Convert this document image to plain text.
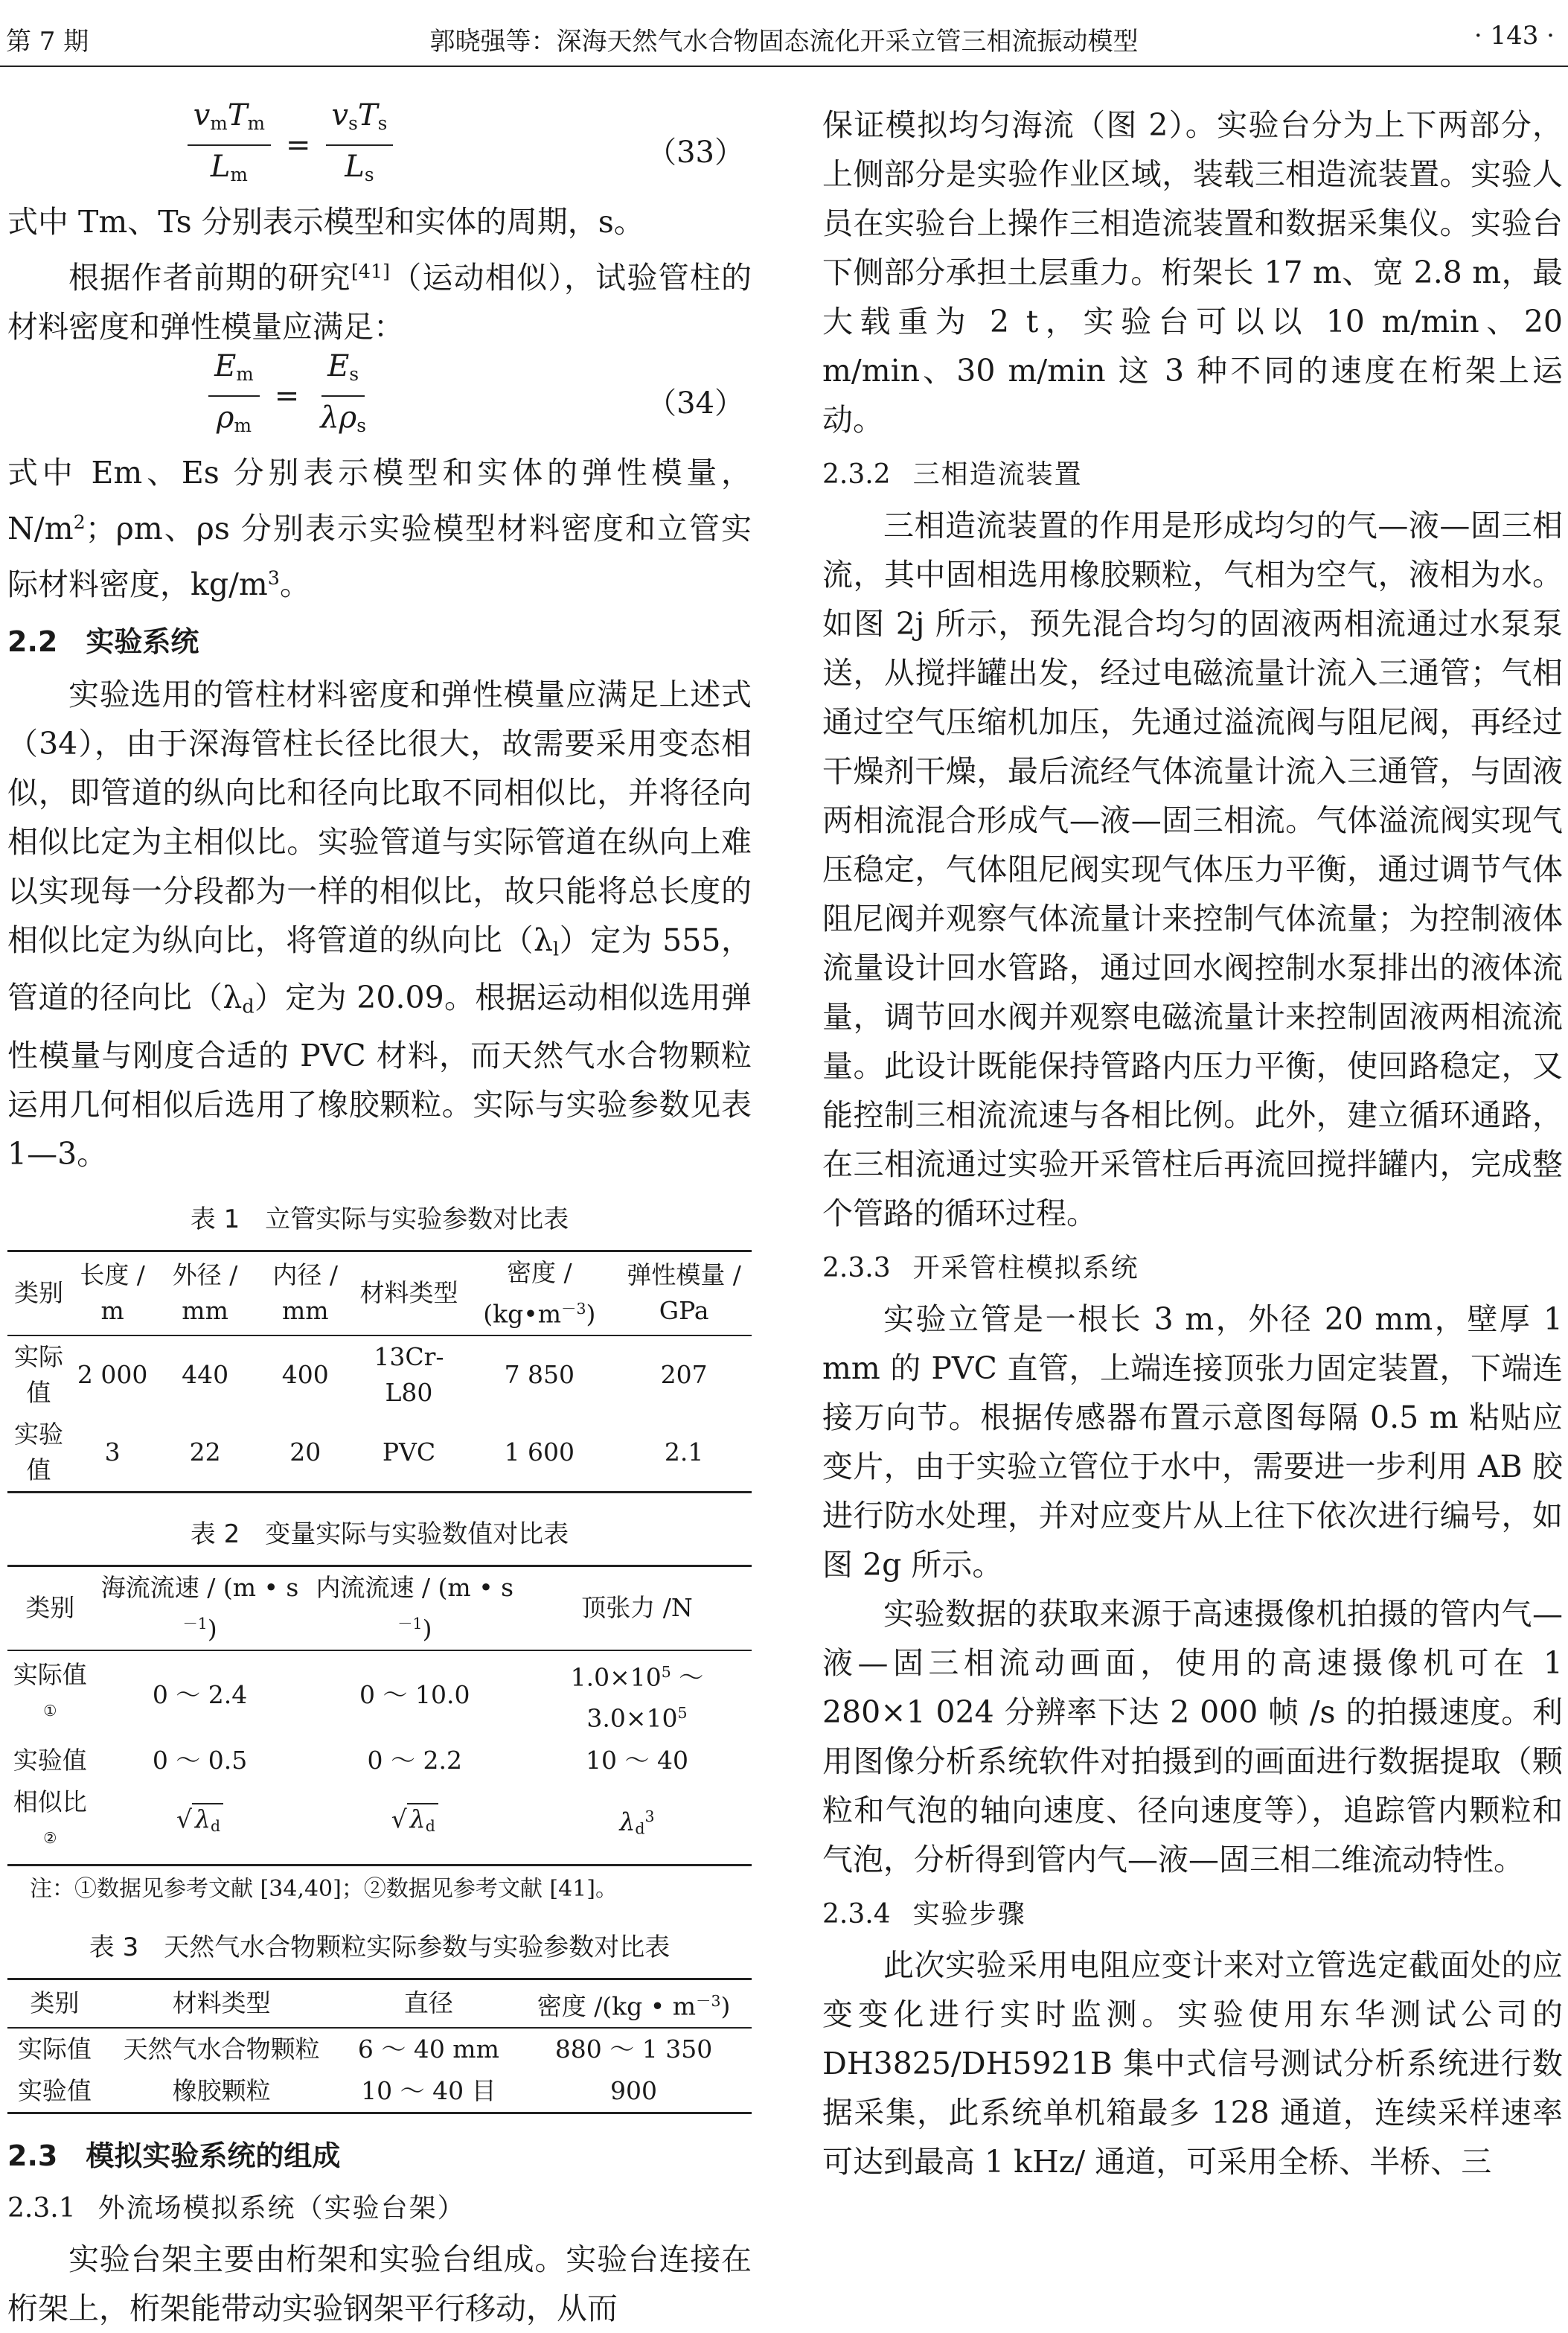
第 7 期	郭晓强等：深海天然气水合物固态流化开采立管三相流振动模型	· 143 ·
$\frac{v_mT_m}{L_m} = \frac{v_sT_s}{L_s}$	（33）

式中 Tm、Ts 分别表示模型和实体的周期，s。

根据作者前期的研究[41]（运动相似），试验管柱的材料密度和弹性模量应满足：

$\frac{E_m}{\rho_m} = \frac{E_s}{\lambda\rho_s}$	（34）

式中 Em、Es 分别表示模型和实体的弹性模量，$N/m^2$；ρm、ρs 分别表示实验模型材料密度和立管实际材料密度，$kg/m^3$。

2.2　 实验系统

实验选用的管柱材料密度和弹性模量应满足上述式（34），由于深海管柱长径比很大，故需要采用变态相似，即管道的纵向比和径向比取不同相似比，并将径向相似比定为主相似比。实验管道与实际管道在纵向上难以实现每一分段都为一样的相似比，故只能将总长度的相似比定为纵向比，将管道的纵向比$(\lambda_l)$定为 555，管道的径向比$(\lambda_d)$定为 20.09。根据运动相似选用弹性模量与刚度合适的 PVC 材料，而天然气水合物颗粒运用几何相似后选用了橡胶颗粒。实际与实验参数见表 1—3。

表 1 立管实际与实验参数对比表
类别	长度 / m	外径 / mm	内径 / mm	材料类型	密度 / $(kg•m^{-3})$	弹性模量 / GPa
实际值	2 000	440	400	13Cr-L80	7 850	207
实验值	3	22	20	PVC	1 600	2.1
表 2 变量实际与实验数值对比表
类别	海流流速 / (m • $s^{-1}$)	内流流速 / (m • $s^{-1}$)	顶张力 /N
实际值①	0 ～ 2.4	0 ～ 10.0	$1.0\times 10^5$ ～ $3.0\times 10^5$
实验值	0 ～ 0.5	0 ～ 2.2	10 ～ 40
相似比②	√ $\lambda_d$	√ $\lambda_d$	$\lambda_d^3$
注：①数据见参考文献 [34,40]；②数据见参考文献 [41]。
表 3 天然气水合物颗粒实际参数与实验参数对比表
类别	材料类型	直径	密度 /(kg • $m^{-3}$)
实际值	天然气水合物颗粒	6 ～ 40 mm	880 ～ 1 350
实验值	橡胶颗粒	10 ～ 40 目	900
2.3　 模拟实验系统的组成
2.3.1 外流场模拟系统（实验台架）

实验台架主要由桁架和实验台组成。实验台连接在桁架上，桁架能带动实验钢架平行移动，从而

保证模拟均匀海流（图 2）。实验台分为上下两部分，上侧部分是实验作业区域，装载三相造流装置。实验人员在实验台上操作三相造流装置和数据采集仪。实验台下侧部分承担土层重力。桁架长 17 m、宽 2.8 m，最大载重为 2 t，实验台可以以 10 m/min、20 m/min、30 m/min 这 3 种不同的速度在桁架上运动。

2.3.2 三相造流装置

三相造流装置的作用是形成均匀的气—液—固三相流，其中固相选用橡胶颗粒，气相为空气，液相为水。如图 2j 所示，预先混合均匀的固液两相流通过水泵泵送，从搅拌罐出发，经过电磁流量计流入三通管；气相通过空气压缩机加压，先通过溢流阀与阻尼阀，再经过干燥剂干燥，最后流经气体流量计流入三通管，与固液两相流混合形成气—液—固三相流。气体溢流阀实现气压稳定，气体阻尼阀实现气体压力平衡，通过调节气体阻尼阀并观察气体流量计来控制气体流量；为控制液体流量设计回水管路，通过回水阀控制水泵排出的液体流量，调节回水阀并观察电磁流量计来控制固液两相流流量。此设计既能保持管路内压力平衡，使回路稳定，又能控制三相流流速与各相比例。此外，建立循环通路，在三相流通过实验开采管柱后再流回搅拌罐内，完成整个管路的循环过程。

2.3.3 开采管柱模拟系统

实验立管是一根长 3 m，外径 20 mm，壁厚 1 mm 的 PVC 直管，上端连接顶张力固定装置，下端连接万向节。根据传感器布置示意图每隔 0.5 m 粘贴应变片，由于实验立管位于水中，需要进一步利用 AB 胶进行防水处理，并对应变片从上往下依次进行编号，如图 2g 所示。

实验数据的获取来源于高速摄像机拍摄的管内气—液—固三相流动画面，使用的高速摄像机可在 1 280×1 024 分辨率下达 2 000 帧 /s 的拍摄速度。利用图像分析系统软件对拍摄到的画面进行数据提取（颗粒和气泡的轴向速度、径向速度等），追踪管内颗粒和气泡，分析得到管内气—液—固三相二维流动特性。

2.3.4 实验步骤

此次实验采用电阻应变计来对立管选定截面处的应变变化进行实时监测。实验使用东华测试公司的 DH3825/DH5921B 集中式信号测试分析系统进行数据采集，此系统单机箱最多 128 通道，连续采样速率可达到最高 1 kHz/ 通道，可采用全桥、半桥、三
